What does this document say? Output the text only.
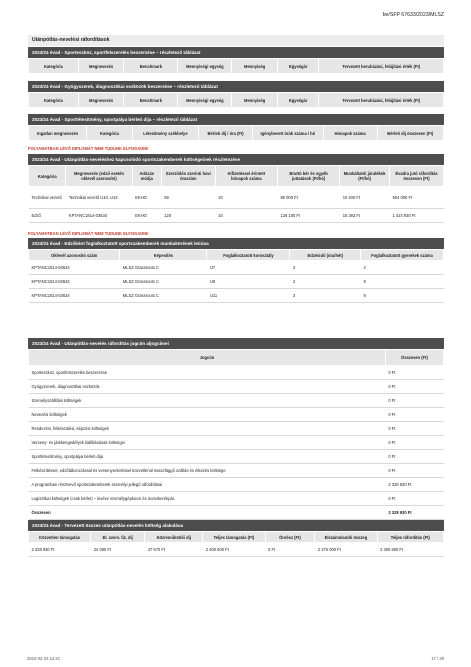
be/SFP 67633/2023/MLSZ
Utánpótlás-nevelési ráfordítások
2023/24 évad - Sporteszköz, sportfelszerelés beszerzése – részletező táblázat
Kategória	Megnevezés	Benchmark	Mennyiségi egység	Mennyiség	Egységár	Tervezett beruházási, felújítási érték (Ft)
2023/24 évad - Gyógyszerek, diagnosztikai eszközök beszerzése – részletező táblázat
Kategória	Megnevezés	Benchmark	Mennyiségi egység	Mennyiség	Egységár	Tervezett beruházási, felújítási érték (Ft)
2023/24 évad - Sportlétesítmény, sportpálya bérleti díja – részletező táblázat
Ingatlan megnevezés	Kategória	Létesítmény székhelye	Bérleti díj / óra (Ft)	Igénybevett órák száma / hó	Hónapok száma	Bérleti díj összesen (Ft)
FOLYAMATBAN LÉVŐ DIPLOMÁT NEM TUDUNK ELFOGADNI!
2023/24 évad - Utánpótlás-neveléshez kapcsolódó sportszakemberek költségeinek részletezése
Kategória	Megnevezés (edző esetén oklevél azonosító)	Adózás módja	Szerződés szerinti havi óraszám	Kifizetéssel érintett hónapok száma	Bruttó bér és egyéb juttatások (Ft/hó)	Munkáltatói járulékok (Ft/hó)	Évadra jutó ráfordítás összesen (Ft)
Technikai vezető	Technikai vezető U10, U13	EKHO	59	10	80 000 Ft	10 400 Ft	904 000 Ft
Edző	KPTANC1814-03634	EKHO	120	10	126 100 Ft	16 393 Ft	1 424 930 Ft
FOLYAMATBAN LÉVŐ DIPLOMÁT NEM TUDUNK ELFOGADNI!
2023/24 évad - Edzőként foglalkoztatott sportszakemberek munkakörének leírása
Oklevél azonosító szám	Képesítés	Foglalkoztatott korosztály	Edzésidő (óra/hét)	Foglalkoztatott gyerekek száma
KPTANC1814-03634	MLSZ Grassroots C	U7	2	4
KPTANC1814-03634	MLSZ Grassroots C	U9	2	9
KPTANC1814-03634	MLSZ Grassroots C	U11	3	9
2023/24 évad - Utánpótlás-nevelés ráfordítás jogcím aljogcímei
Jogcím	Összesen (Ft)
Sporteszköz, sportfelszerelés beszerzése	0 Ft
Gyógyszerek, diagnosztikai eszközök	0 Ft
Személyszállítási költségek	0 Ft
Nevezési költségek	0 Ft
Rendezési, felkészülési, képzési költségek	0 Ft
Verseny- és játékengedélyek kiállításának költségei	0 Ft
Sportlétesítmény, sportpálya bérleti díja	0 Ft
Felkészítéssel, edzőtáborozással és versenyeztetéssel közvetlenül összefüggő szállás és étkezés költsége	0 Ft
A programban résztvevő sportszakemberek személyi jellegű ráfordításai	2 328 930 Ft
Logisztikai költségek (csak bérlet) – kivéve személygépkocsi és motorkerékpár.	0 Ft
Összesen	2 328 930 Ft
2023/24 évad - Tervezett összes utánpótlás-nevelés költség alakulása
Közvetlen támogatás	El. szerv. fiz. díj	Közreműködői díj	Teljes támogatás (Ft)	Önrész (Ft)	Elszámolandó összeg	Teljes ráfordítás (Ft)
2 328 930 Ft	24 000 Ft	47 670 Ft	2 400 600 Ft	0 Ft	2 376 000 Ft	2 400 600 Ft
2023-02-23 12:21	17 / 29
